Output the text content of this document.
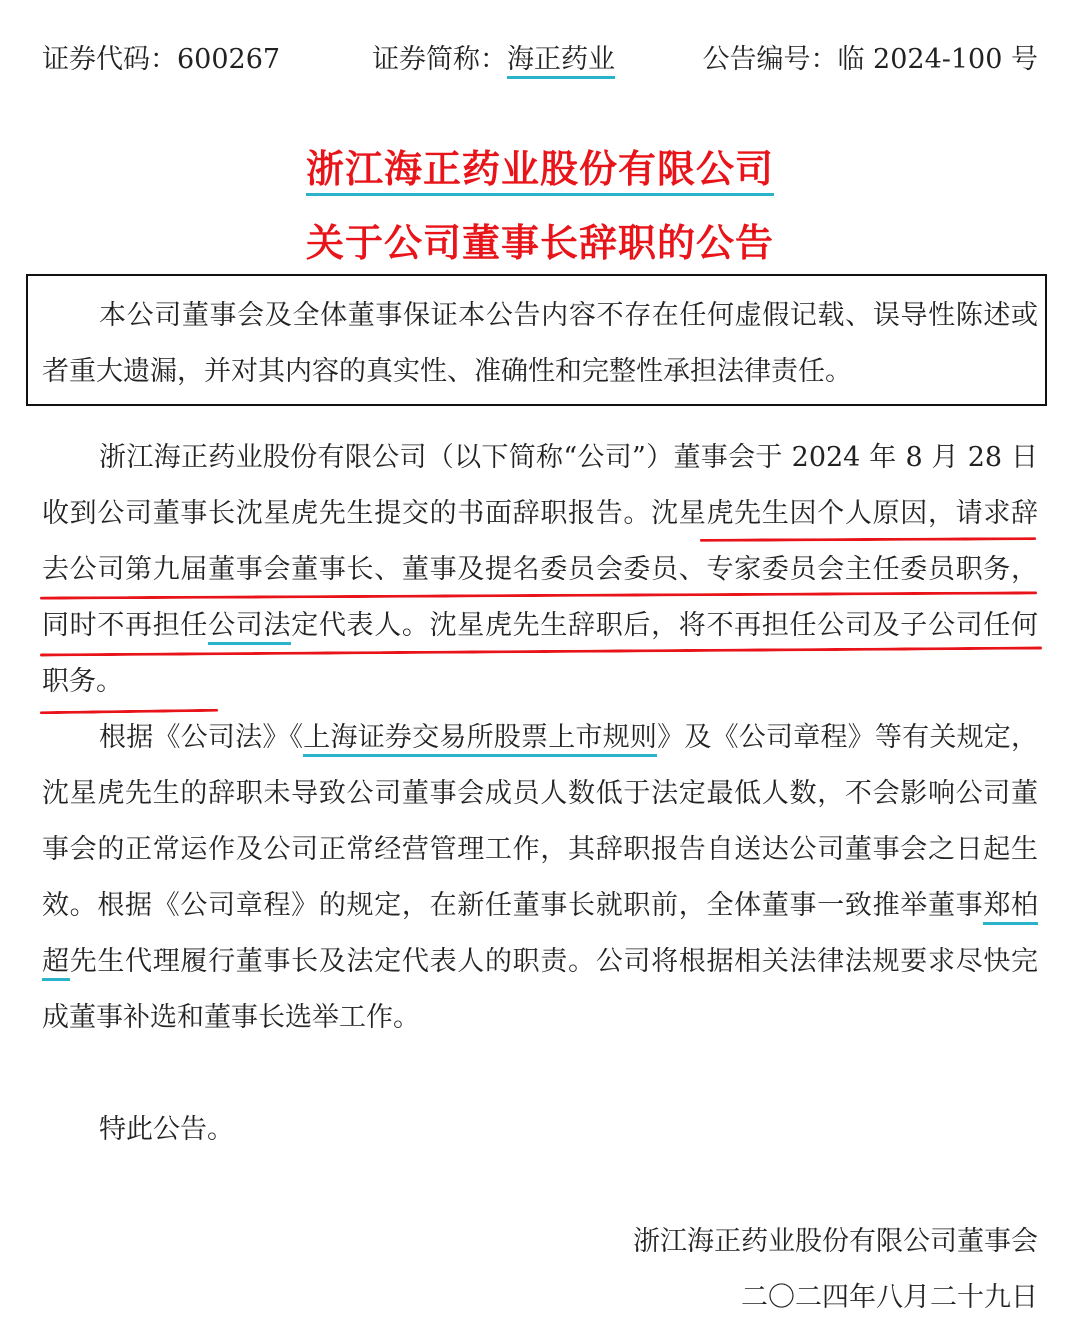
证券代码：600267	证券简称：海正药业	公告编号：临 2024-100 号
浙江海正药业股份有限公司
关于公司董事长辞职的公告
本公司董事会及全体董事保证本公告内容不存在任何虚假记载、误导性陈述或者重大遗漏，并对其内容的真实性、准确性和完整性承担法律责任。
浙江海正药业股份有限公司（以下简称“公司”）董事会于 2024 年 8 月 28 日收到公司董事长沈星虎先生提交的书面辞职报告。沈星虎先生因个人原因，请求辞去公司第九届董事会董事长、董事及提名委员会委员、专家委员会主任委员职务，同时不再担任公司法定代表人。沈星虎先生辞职后，将不再担任公司及子公司任何职务。
根据《公司法》《上海证券交易所股票上市规则》及《公司章程》等有关规定，沈星虎先生的辞职未导致公司董事会成员人数低于法定最低人数，不会影响公司董事会的正常运作及公司正常经营管理工作，其辞职报告自送达公司董事会之日起生效。根据《公司章程》的规定，在新任董事长就职前，全体董事一致推举董事郑柏超先生代理履行董事长及法定代表人的职责。公司将根据相关法律法规要求尽快完成董事补选和董事长选举工作。
特此公告。
浙江海正药业股份有限公司董事会
二〇二四年八月二十九日
